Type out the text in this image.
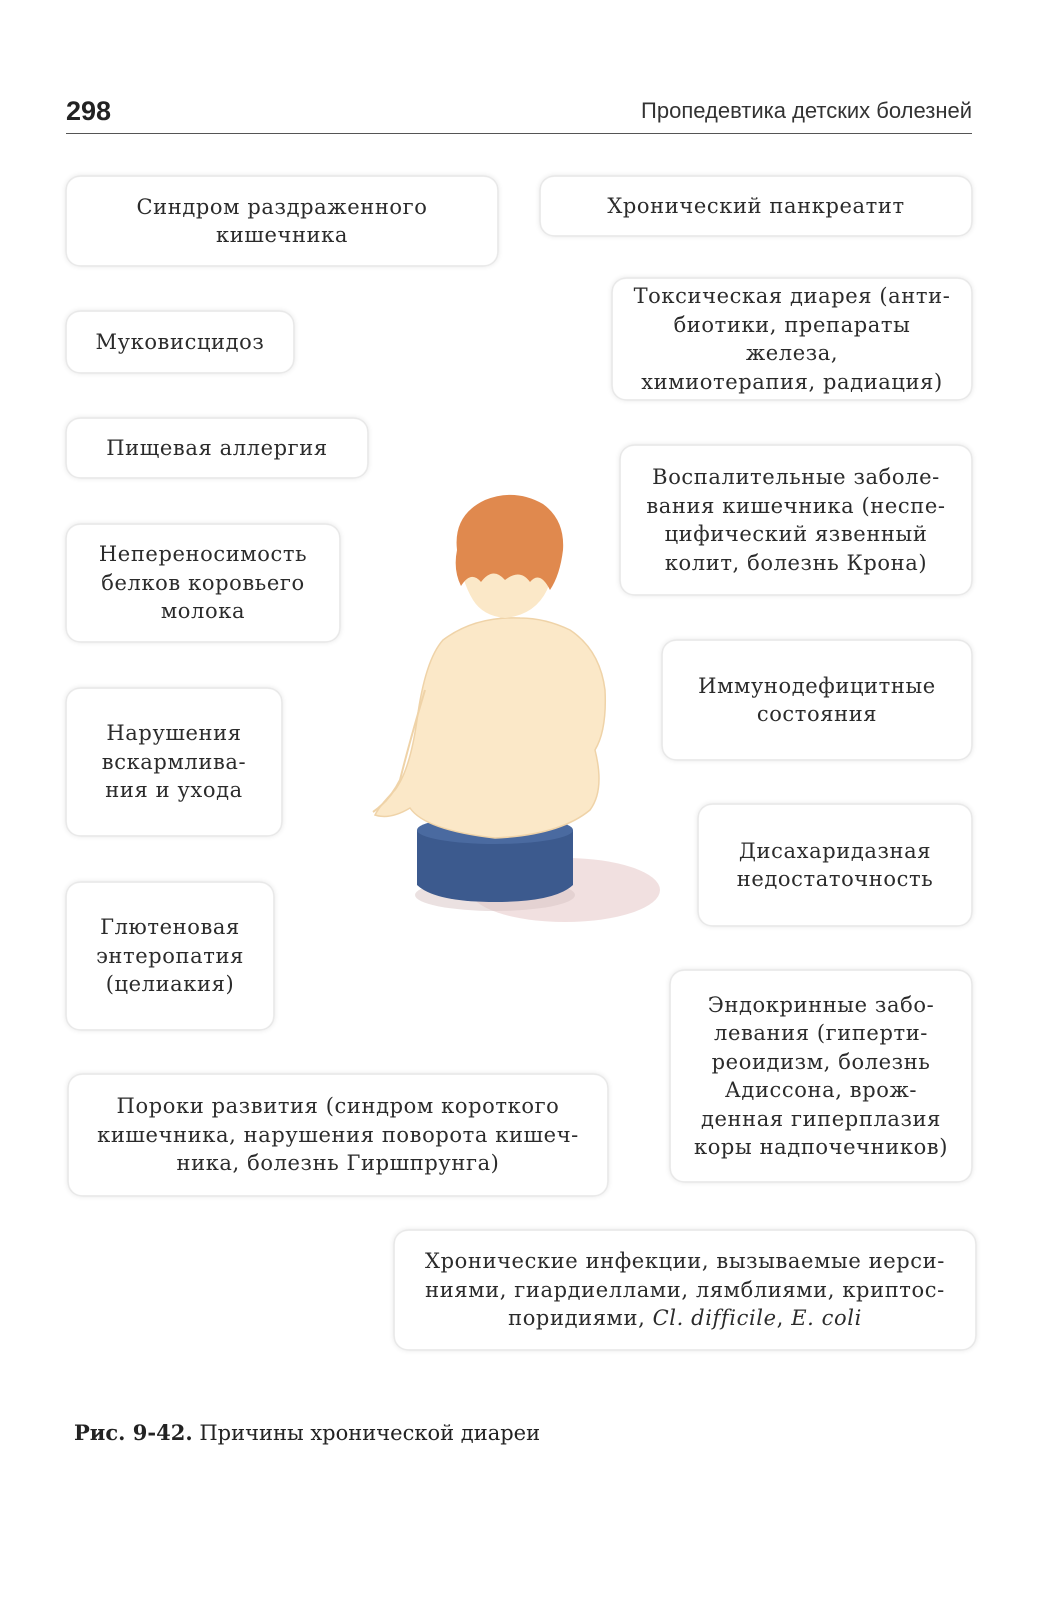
298	Пропедевтика детских болезней
Синдром раздраженного
кишечника
Хронический панкреатит
Муковисцидоз
Токсическая диарея (анти-
биотики, препараты железа,
химиотерапия, радиация)
Пищевая аллергия
Воспалительные заболе-
вания кишечника (неспе-
цифический язвенный
колит, болезнь Крона)
Непереносимость
белков коровьего
молока
Иммунодефицитные
состояния
Нарушения
вскармлива-
ния и ухода
Дисахаридазная
недостаточность
Глютеновая
энтеропатия
(целиакия)
Эндокринные забо-
левания (гиперти-
реоидизм, болезнь
Адиссона, врож-
денная гиперплазия
коры надпочечников)
Пороки развития (синдром короткого
кишечника, нарушения поворота кишеч-
ника, болезнь Гиршпрунга)
Хронические инфекции, вызываемые иерси-
ниями, гиардиеллами, лямблиями, криптос-
поридиями, Cl. difficile, E. coli
Рис. 9-42. Причины хронической диареи
